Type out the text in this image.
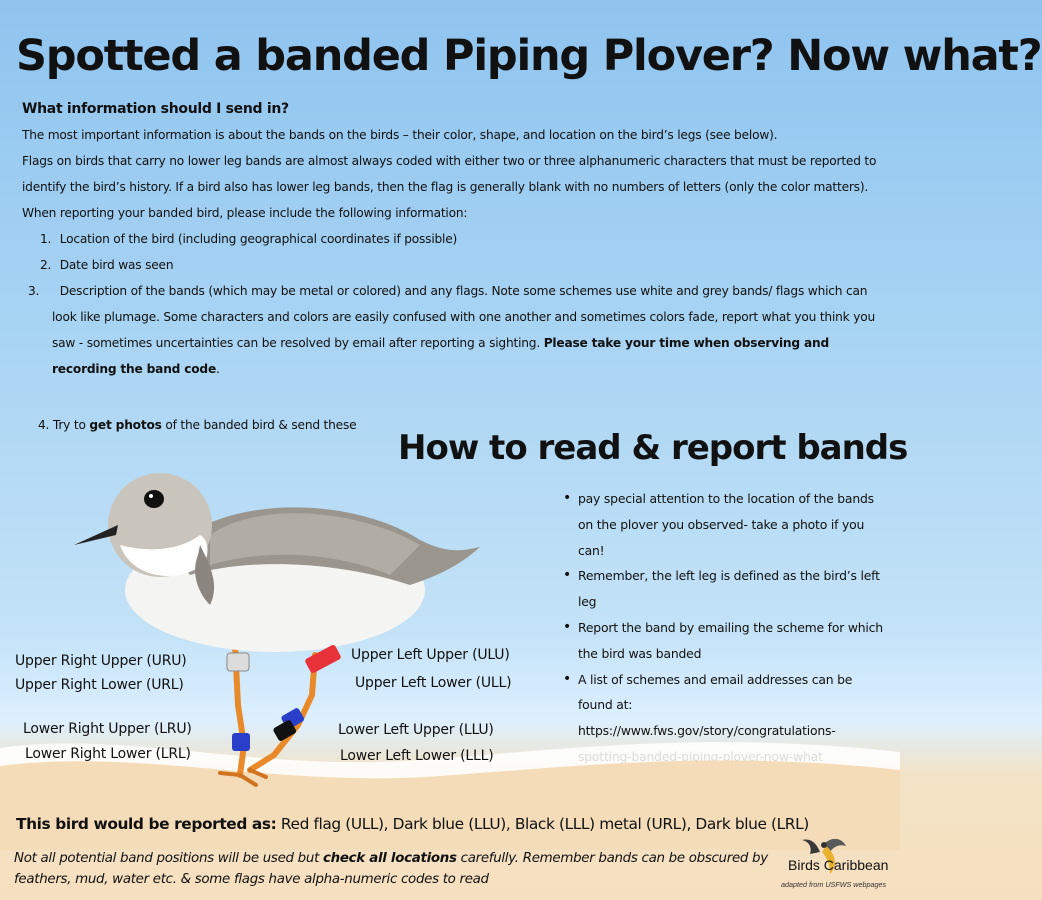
Spotted a banded Piping Plover? Now what?
What information should I send in?
The most important information is about the bands on the birds – their color, shape, and location on the bird’s legs (see below).
Flags on birds that carry no lower leg bands are almost always coded with either two or three alphanumeric characters that must be reported to identify the bird’s history. If a bird also has lower leg bands, then the flag is generally blank with no numbers of letters (only the color matters).
When reporting your banded bird, please include the following information:
1. Location of the bird (including geographical coordinates if possible)
2. Date bird was seen
3. Description of the bands (which may be metal or colored) and any flags. Note some schemes use white and grey bands/ flags which can look like plumage. Some characters and colors are easily confused with one another and sometimes colors fade, report what you think you saw - sometimes uncertainties can be resolved by email after reporting a sighting. Please take your time when observing and recording the band code.
4. Try to get photos of the banded bird & send these
How to read & report bands
• pay special attention to the location of the bands on the plover you observed- take a photo if you can!
• Remember, the left leg is defined as the bird’s left leg
• Report the band by emailing the scheme for which the bird was banded
• A list of schemes and email addresses can be found at: https://www.fws.gov/story/congratulations-
Upper Right Upper (URU)
Upper Right Lower (URL)
Lower Right Upper (LRU)
Lower Right Lower (LRL)
Upper Left Upper (ULU)
Upper Left Lower (ULL)
Lower Left Upper (LLU)
Lower Left Lower (LLL)
This bird would be reported as: Red flag (ULL), Dark blue (LLU), Black (LLL) metal (URL), Dark blue (LRL)
Not all potential band positions will be used but check all locations carefully. Remember bands can be obscured by feathers, mud, water etc. & some flags have alpha-numeric codes to read
Birds Caribbean
adapted from USFWS webpages
